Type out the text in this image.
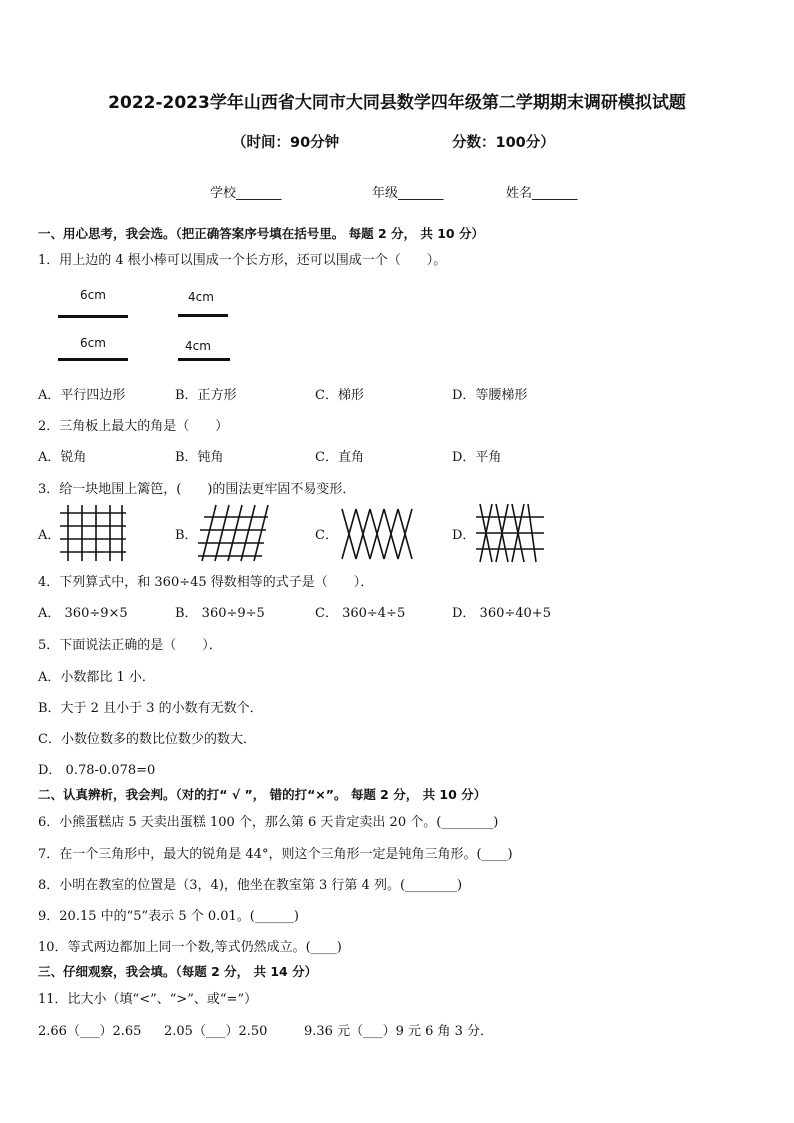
2022-2023学年山西省大同市大同县数学四年级第二学期期末调研模拟试题
（时间：90分钟	分数：100分）
学校_______	年级_______	姓名_______
一、用心思考，我会选。（把正确答案序号填在括号里。 每题 2 分， 共 10 分）
1．用上边的 4 根小棒可以围成一个长方形，还可以围成一个（　　）。
6cm	4cm
6cm	4cm
A．平行四边形	B．正方形	C．梯形	D．等腰梯形
2．三角板上最大的角是（　　）
A．锐角	B．钝角	C．直角	D．平角
3．给一块地围上篱笆，(　　)的围法更牢固不易变形．
A．	B．	C．	D．
4．下列算式中，和 360÷45 得数相等的式子是（　　）．
A． 360÷9×5	B． 360÷9÷5	C． 360÷4÷5	D． 360÷40+5
5．下面说法正确的是（　　）．
A．小数都比 1 小．
B．大于 2 且小于 3 的小数有无数个．
C．小数位数多的数比位数少的数大．
D． 0.78-0.078=0
二、认真辨析，我会判。（对的打“ √ ”， 错的打“×”。 每题 2 分， 共 10 分）
6．小熊蛋糕店 5 天卖出蛋糕 100 个，那么第 6 天肯定卖出 20 个。(________)
7．在一个三角形中，最大的锐角是 44°，则这个三角形一定是钝角三角形。(____)
8．小明在教室的位置是（3，4)，他坐在教室第 3 行第 4 列。(________)
9．20.15 中的“5”表示 5 个 0.01。(______)
10．等式两边都加上同一个数,等式仍然成立。(____)
三、仔细观察，我会填。（每题 2 分， 共 14 分）
11．比大小（填“<”、“>”、或“=”）
2.66（___）2.65 2.05（___）2.50	9.36 元（___）9 元 6 角 3 分．
